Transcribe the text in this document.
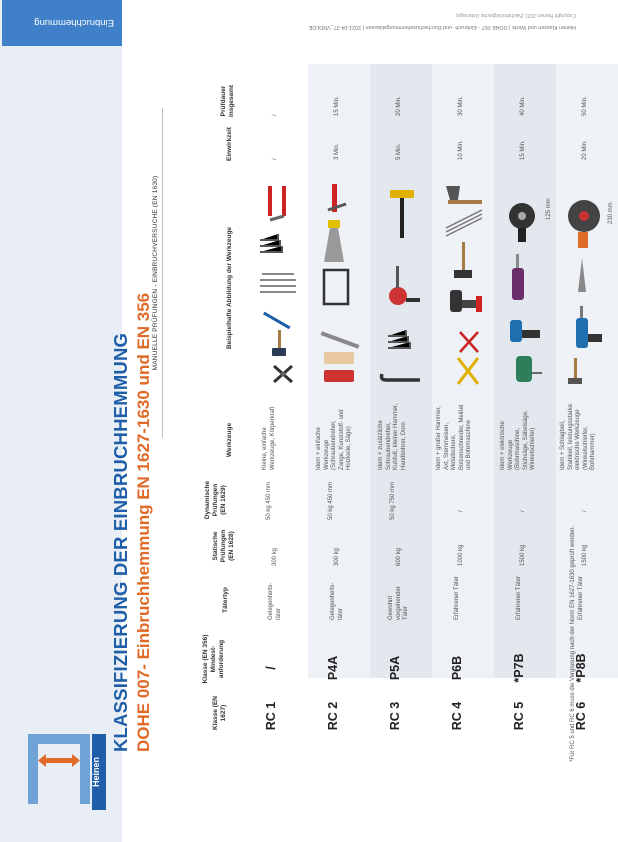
Einbruchhemmung
Heinen
KLASSIFIZIERUNG DER EINBRUCHHEMMUNG DOHE 007- Einbruchhemmung EN 1627-1630 und EN 356	Klasse (EN 1627)
Klasse (EN 356) Mindest-anforderung
Tätertyp
Statische Prüfungen (EN 1628)
Dynamische Prüfungen (EN 1629)
MANUELLE PRÜFUNGEN - EINBRUCHVERSUCHE (EN 1630)
Werkzeuge
Beispielhafte Abbildung der Werkzeuge
Einwirkzeit
Prüfdauer insgesamt
RC 1
/
Gelegenheits-täter
300 kg
50 kg 450 mm
Kleine, einfache Werkzeuge, Körperkraft
/
/
RC 2
P4A
Gelegenheits-täter
300 kg
50 kg 450 mm
Idem + einfache Werkzeuge (Schraubendreher, Zange, Kunststoff- und Holzkeile, Säge)
3 Min.
15 Min.
RC 3
P5A
Gewohnt vorgehender Täter
600 kg
50 kg 750 mm
Idem + zusätzliche Schraubendreher, Kuhfuß, kleiner Hammer, Handbohrer, Dorn
5 Min.
20 Min.
RC 4
P6B
Erfahrener Täter
1000 kg
/
Idem + großer Hammer, Axt, Stemmeisen, Metallschere, Bolzenschneider, Meißel und Bohrmaschine
10 Min.
30 Min.
RC 5
*P7B
Erfahrener Täter
1500 kg
/
Idem + elektrische Werkzeuge (Bohrmaschine, Stichsäge, Säbelsäge, Winkelschleifer)
15 Min.
40 Min.
125 mm
RC 6
*P8B
Erfahrener Täter
1500 kg
/
Idem + Schlagbeil, Stahlkeil, leistungsstarke elektrische Werkzeuge (Winkelschleifer, Bohrhammer)
20 Min.
50 Min.
230 mm
*Für RC 5 und RC 6 muss die Verglasung nach der Norm EN 1627-1630 geprüft werden.
Heinen Klassen und Werte | DOHE 007 - Einbruch- und Durchschusshemmungsklassen | 2021-04-27_VRDLDE
Copyright Heinen 2021 (Nachdruck/gleiche Unterlage)
